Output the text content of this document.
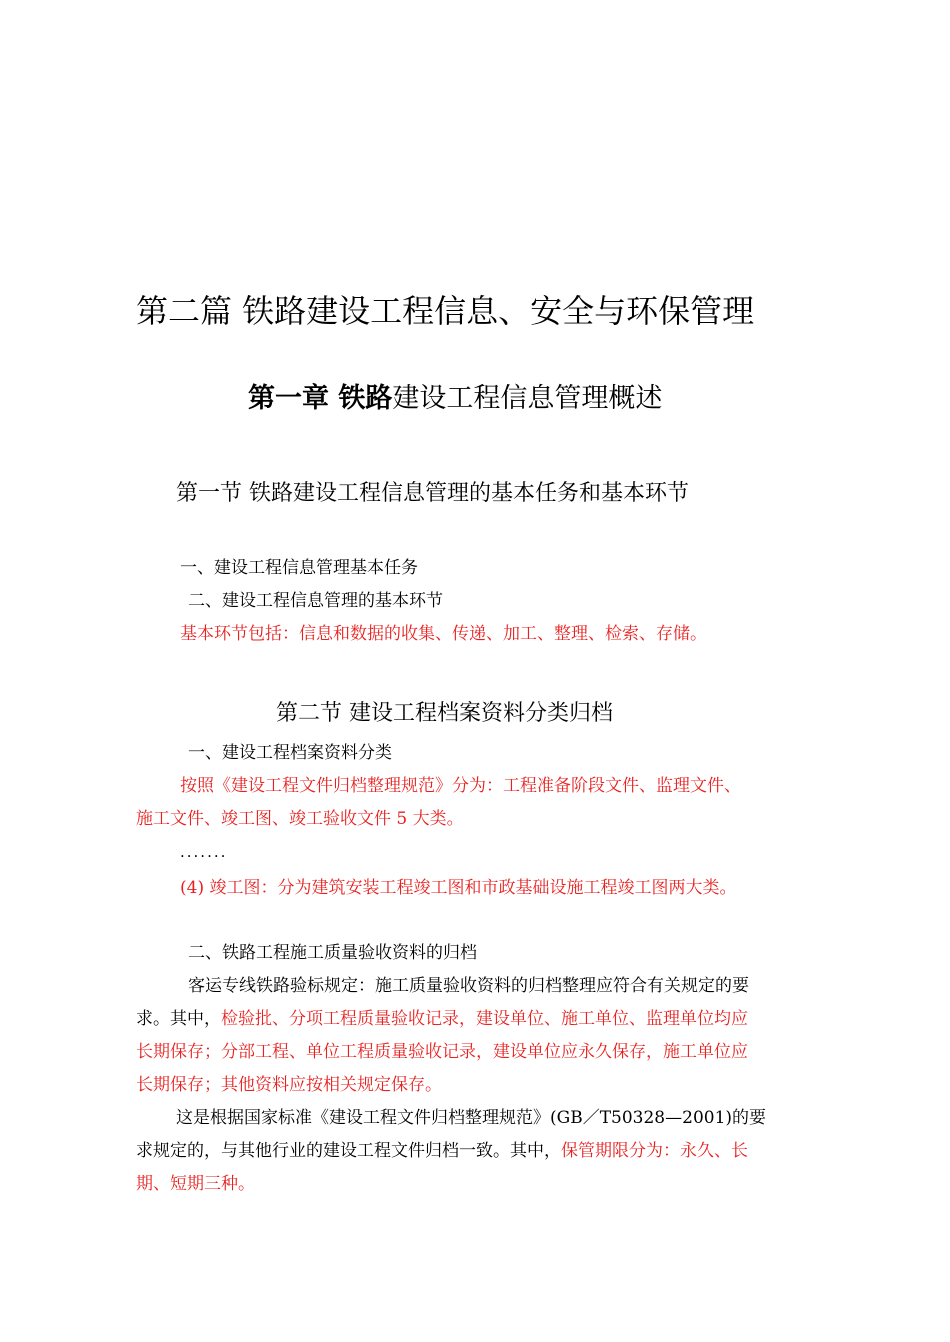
第二篇 铁路建设工程信息、安全与环保管理
第一章 铁路建设工程信息管理概述
第一节 铁路建设工程信息管理的基本任务和基本环节
一、建设工程信息管理基本任务
二、建设工程信息管理的基本环节
基本环节包括：信息和数据的收集、传递、加工、整理、检索、存储。
第二节 建设工程档案资料分类归档
一、建设工程档案资料分类
按照《建设工程文件归档整理规范》分为：工程准备阶段文件、监理文件、
施工文件、竣工图、竣工验收文件 5 大类。
.......
(4) 竣工图：分为建筑安装工程竣工图和市政基础设施工程竣工图两大类。
二、铁路工程施工质量验收资料的归档
客运专线铁路验标规定：施工质量验收资料的归档整理应符合有关规定的要
求。其中，检验批、分项工程质量验收记录，建设单位、施工单位、监理单位均应
长期保存；分部工程、单位工程质量验收记录，建设单位应永久保存，施工单位应
长期保存；其他资料应按相关规定保存。
这是根据国家标准《建设工程文件归档整理规范》(GB／T50328—2001)的要
求规定的，与其他行业的建设工程文件归档一致。其中，保管期限分为：永久、长
期、短期三种。
